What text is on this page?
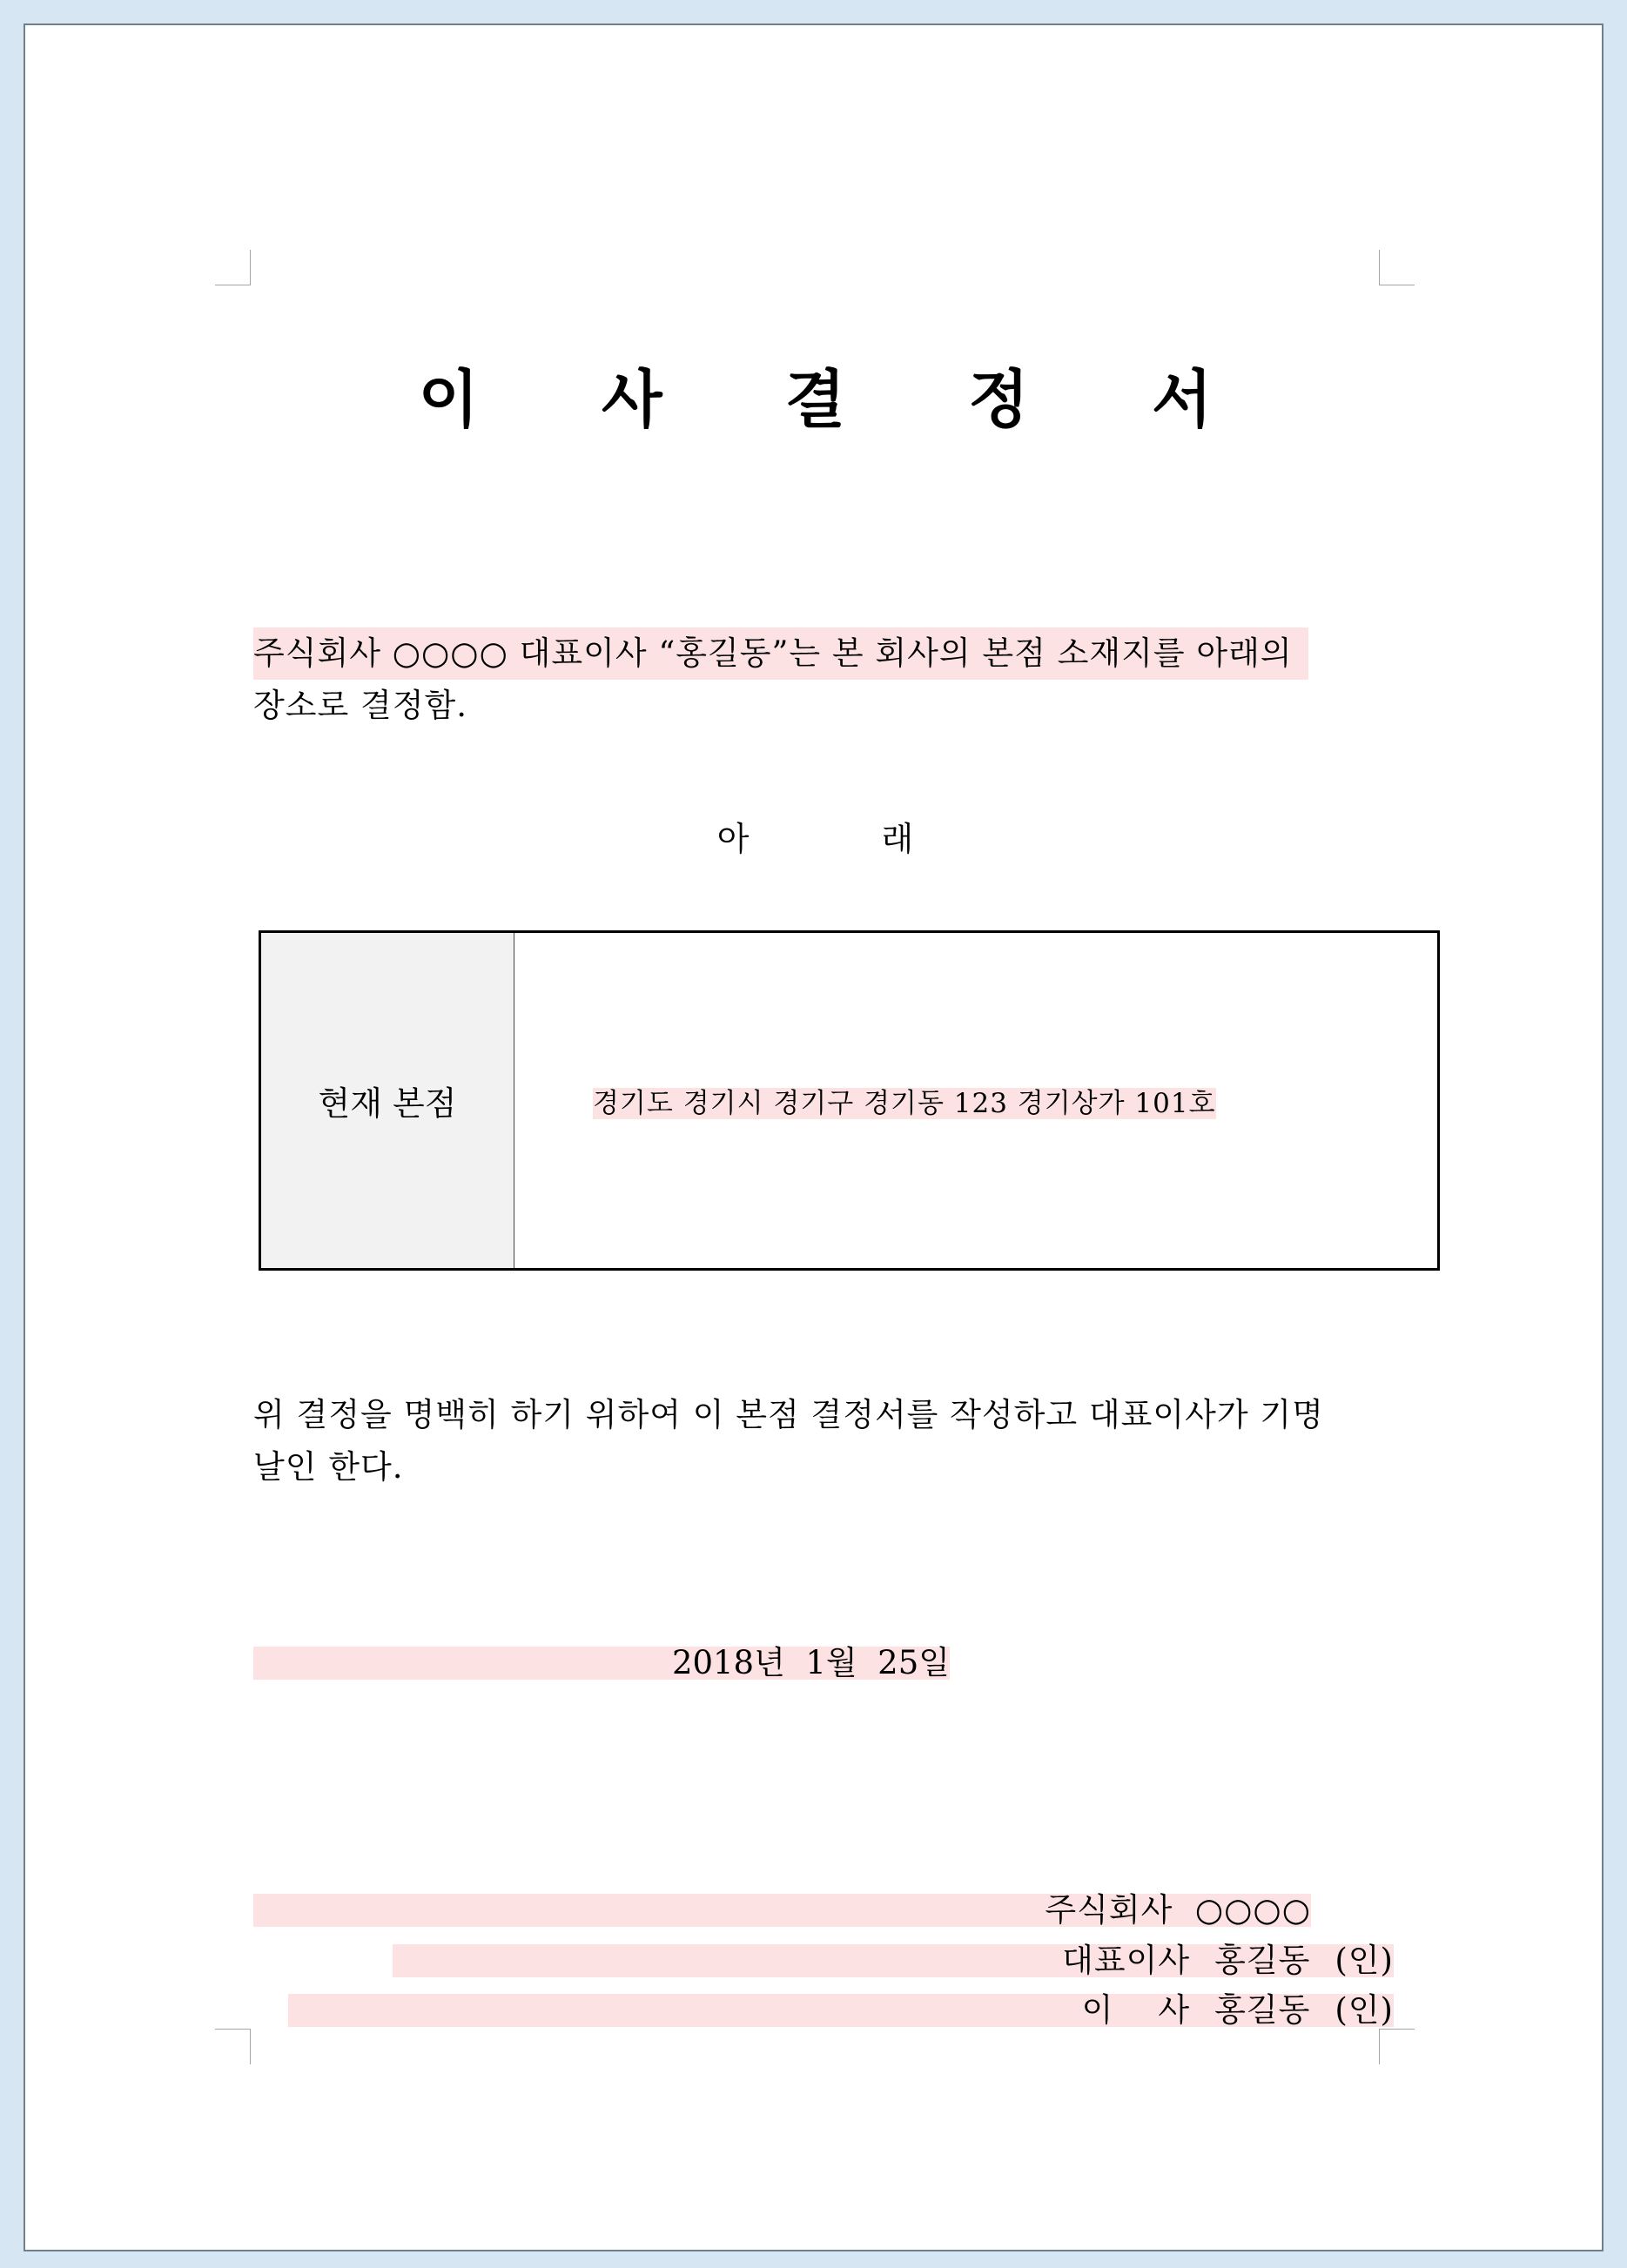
이 사 결 정 서
주식회사 ○○○○ 대표이사 “홍길동”는 본 회사의 본점 소재지를 아래의
장소로 결정함.
아	래
현재 본점	경기도 경기시 경기구 경기동 123 경기상가 101호
위 결정을 명백히 하기 위하여 이 본점 결정서를 작성하고 대표이사가 기명
날인 한다.
2018년  1월  25일
주식회사  ○○○○
대표이사 홍길동 (인)
이    사 홍길동 (인)
